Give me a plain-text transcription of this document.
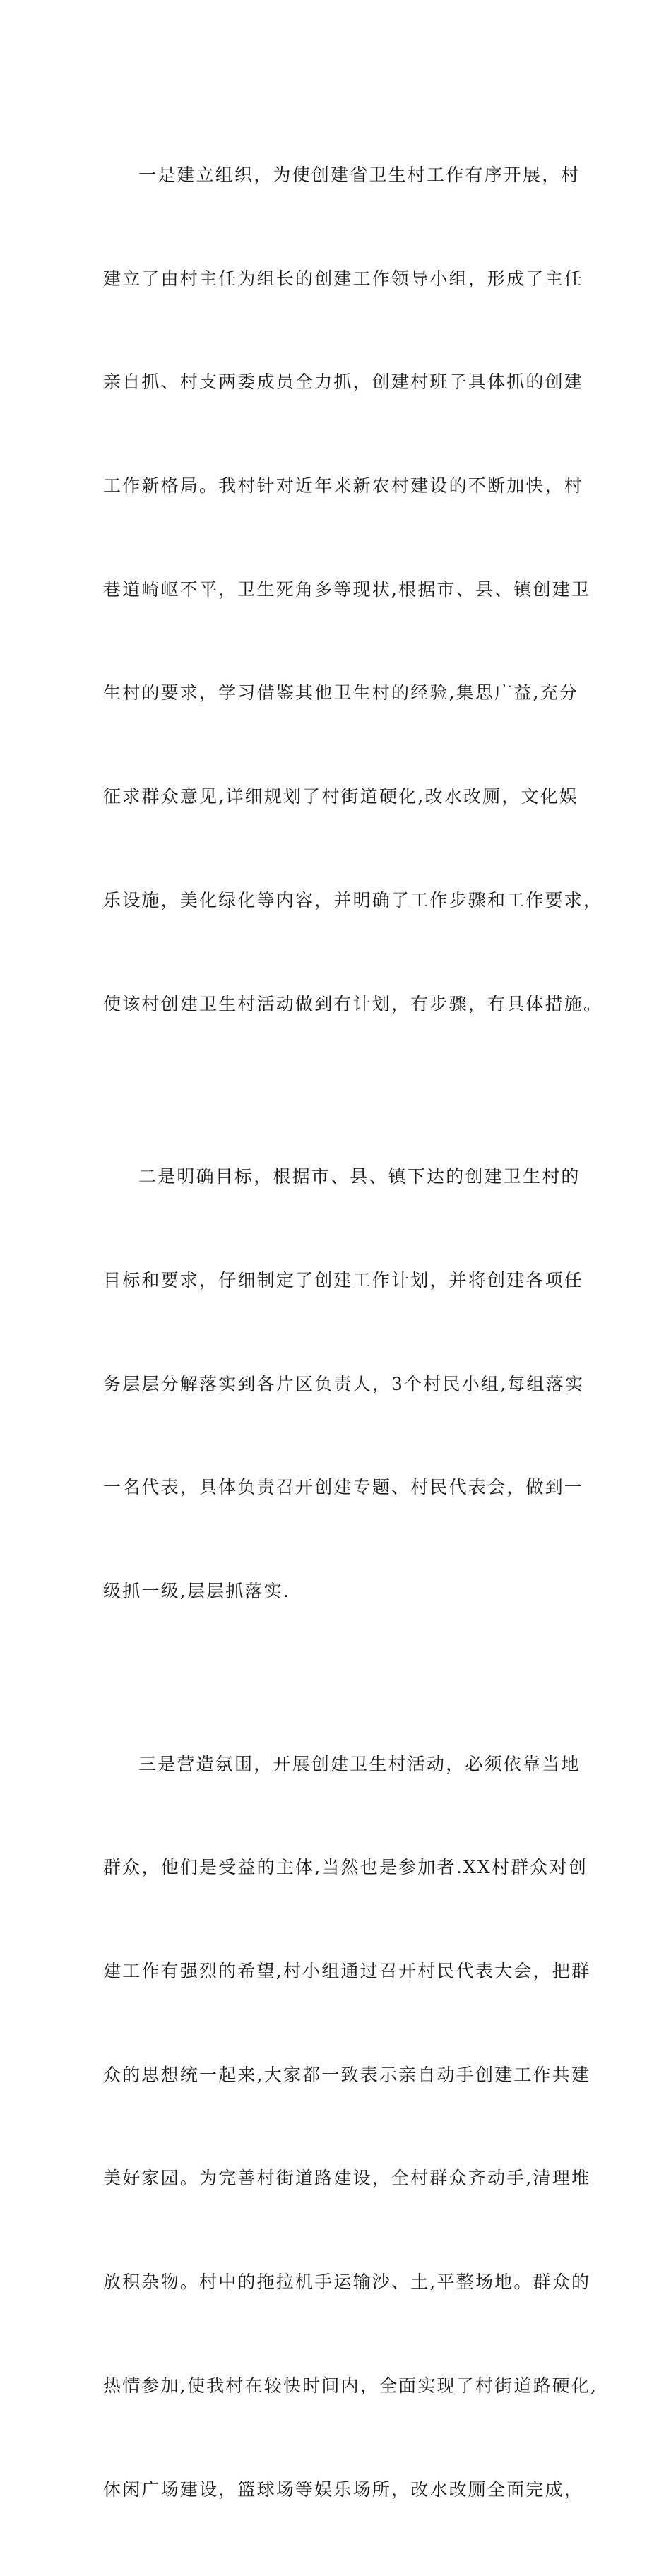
一是建立组织，为使创建省卫生村工作有序开展，村

建立了由村主任为组长的创建工作领导小组，形成了主任

亲自抓、村支两委成员全力抓，创建村班子具体抓的创建

工作新格局。我村针对近年来新农村建设的不断加快，村

巷道崎岖不平，卫生死角多等现状,根据市、县、镇创建卫

生村的要求，学习借鉴其他卫生村的经验,集思广益,充分

征求群众意见,详细规划了村街道硬化,改水改厕，文化娱

乐设施，美化绿化等内容，并明确了工作步骤和工作要求，

使该村创建卫生村活动做到有计划，有步骤，有具体措施。

二是明确目标，根据市、县、镇下达的创建卫生村的

目标和要求，仔细制定了创建工作计划，并将创建各项任

务层层分解落实到各片区负责人，3个村民小组,每组落实

一名代表，具体负责召开创建专题、村民代表会，做到一

级抓一级,层层抓落实.

三是营造氛围，开展创建卫生村活动，必须依靠当地

群众，他们是受益的主体,当然也是参加者.XX村群众对创

建工作有强烈的希望,村小组通过召开村民代表大会，把群

众的思想统一起来,大家都一致表示亲自动手创建工作共建

美好家园。为完善村街道路建设，全村群众齐动手,清理堆

放积杂物。村中的拖拉机手运输沙、土,平整场地。群众的

热情参加,使我村在较快时间内，全面实现了村街道路硬化,

休闲广场建设，篮球场等娱乐场所，改水改厕全面完成，
